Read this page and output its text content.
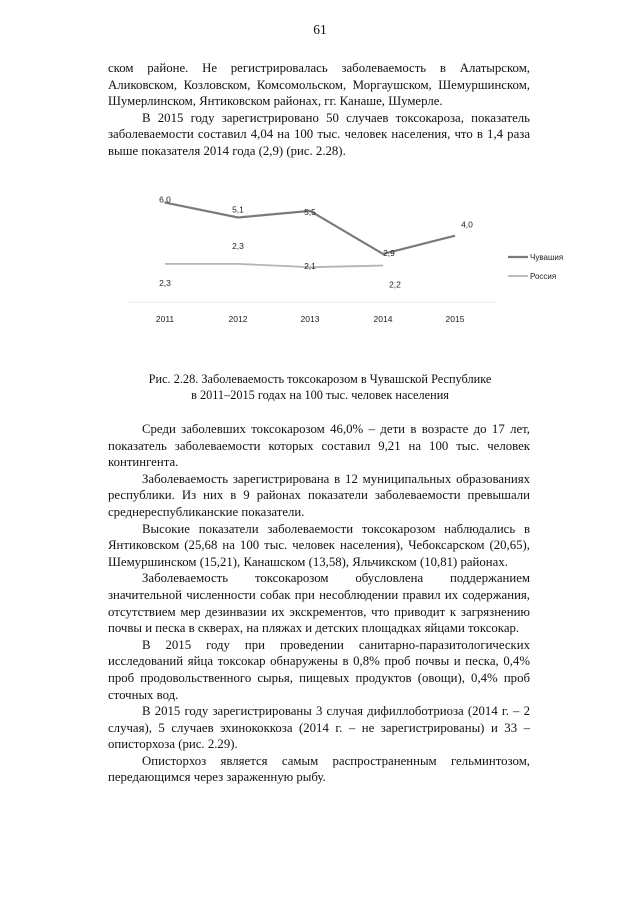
61

ском районе. Не регистрировалась заболеваемость в Алатырском, Аликовском, Козловском, Комсомольском, Моргаушском, Шемуршинском, Шумерлинском, Янтиковском районах, гг. Канаше, Шумерле.

В 2015 году зарегистрировано 50 случаев токсокароза, показатель заболеваемости составил 4,04 на 100 тыс. человек населения, что в 1,4 раза выше показателя 2014 года (2,9) (рис. 2.28).

6,0
5,1	5,5
2,9
4,0
2,3
2,3
2,1
2,2
2011	2012	2013	2014	2015
Чувашия
Россия
Рис. 2.28. Заболеваемость токсокарозом в Чувашской Республике
в 2011–2015 годах на 100 тыс. человек населения

Среди заболевших токсокарозом 46,0% – дети в возрасте до 17 лет, показатель заболеваемости которых составил 9,21 на 100 тыс. человек контингента.

Заболеваемость зарегистрирована в 12 муниципальных образованиях республики. Из них в 9 районах показатели заболеваемости превышали среднереспубликанские показатели.

Высокие показатели заболеваемости токсокарозом наблюдались в Янтиковском (25,68 на 100 тыс. человек населения), Чебоксарском (20,65), Шемуршинском (15,21), Канашском (13,58), Яльчикском (10,81) районах.

Заболеваемость токсокарозом обусловлена поддержанием значительной численности собак при несоблюдении правил их содержания, отсутствием мер дезинвазии их экскрементов, что приводит к загрязнению почвы и песка в скверах, на пляжах и детских площадках яйцами токсокар.

В 2015 году при проведении санитарно-паразитологических исследований яйца токсокар обнаружены в 0,8% проб почвы и песка, 0,4% проб продовольственного сырья, пищевых продуктов (овощи), 0,4% проб сточных вод.

В 2015 году зарегистрированы 3 случая дифиллоботриоза (2014 г. – 2 случая), 5 случаев эхинококкоза (2014 г. – не зарегистрированы) и 33 – описторхоза (рис. 2.29).

Описторхоз является самым распространенным гельминтозом, передающимся через зараженную рыбу.
